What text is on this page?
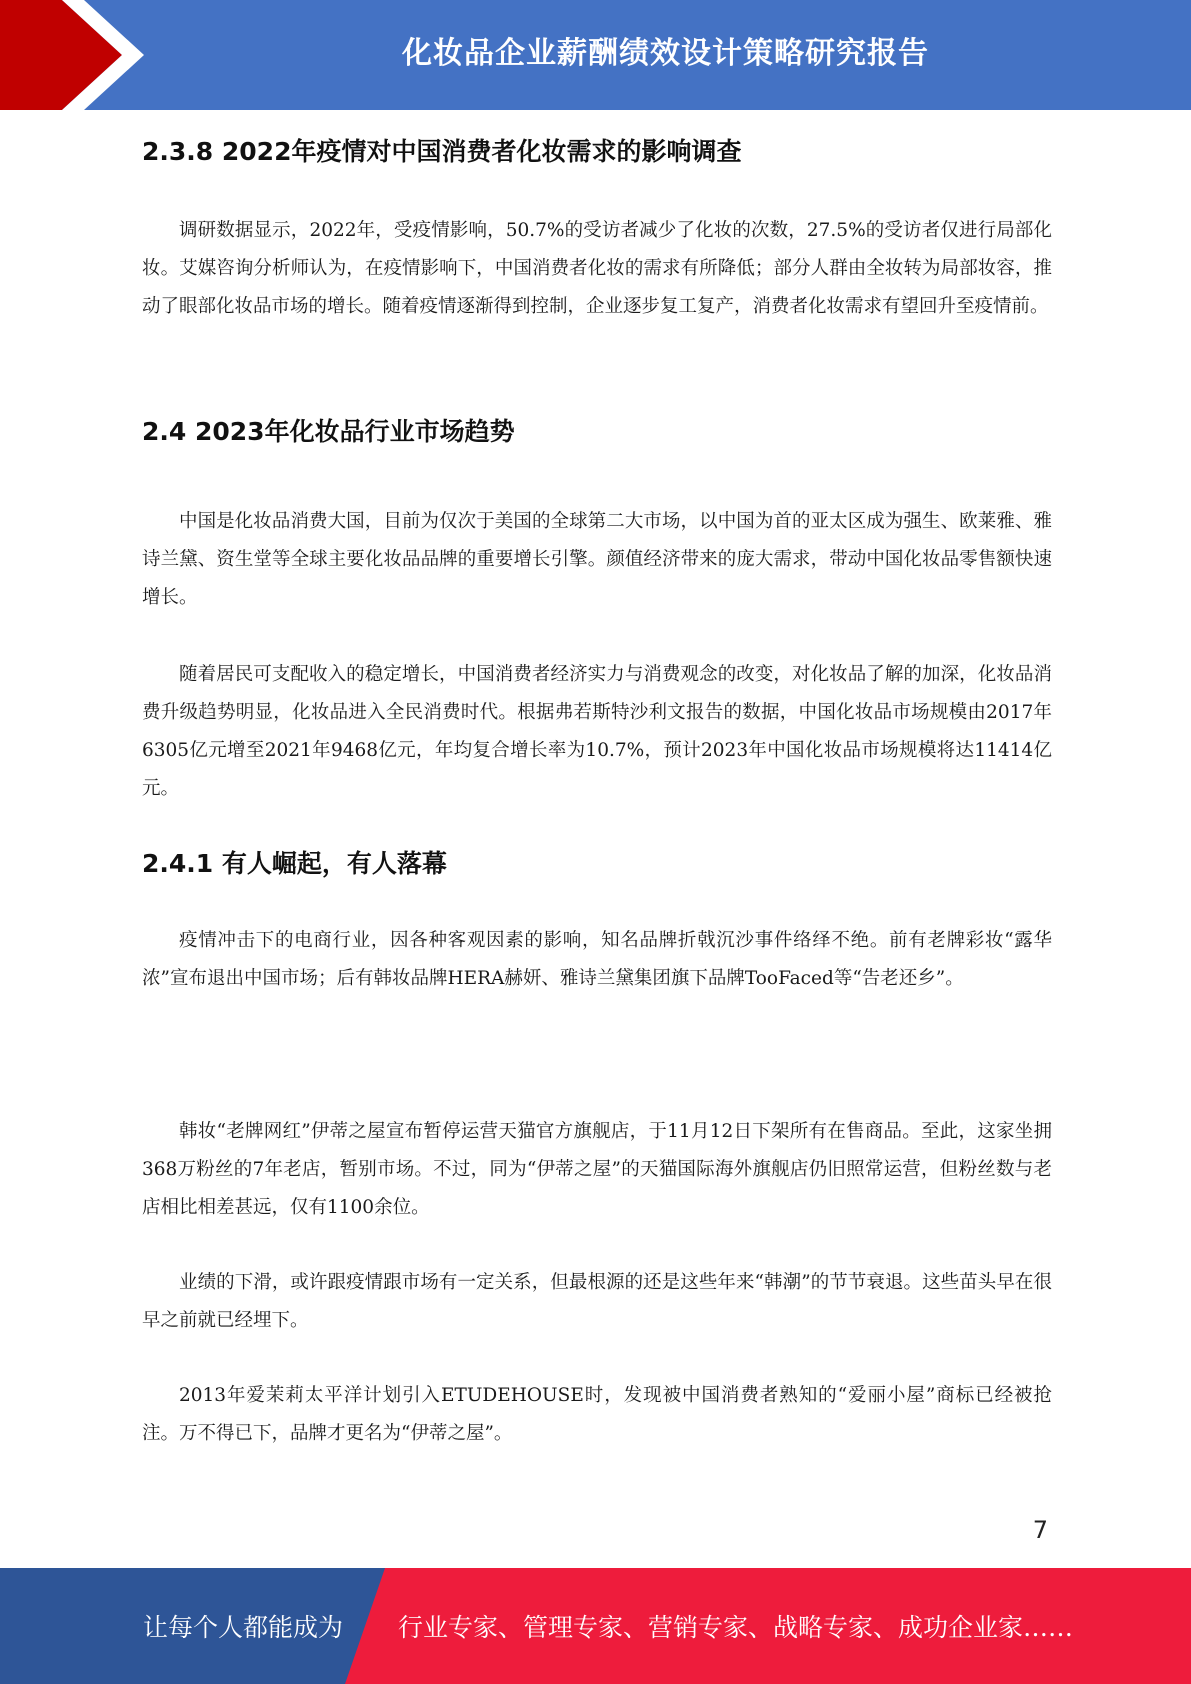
化妆品企业薪酬绩效设计策略研究报告
2.3.8 2022年疫情对中国消费者化妆需求的影响调查

调研数据显示，2022年，受疫情影响，50.7%的受访者减少了化妆的次数，27.5%的受访者仅进行局部化妆。艾媒咨询分析师认为，在疫情影响下，中国消费者化妆的需求有所降低；部分人群由全妆转为局部妆容，推动了眼部化妆品市场的增长。随着疫情逐渐得到控制，企业逐步复工复产，消费者化妆需求有望回升至疫情前。

2.4 2023年化妆品行业市场趋势

中国是化妆品消费大国，目前为仅次于美国的全球第二大市场，以中国为首的亚太区成为强生、欧莱雅、雅诗兰黛、资生堂等全球主要化妆品品牌的重要增长引擎。颜值经济带来的庞大需求，带动中国化妆品零售额快速增长。

随着居民可支配收入的稳定增长，中国消费者经济实力与消费观念的改变，对化妆品了解的加深，化妆品消费升级趋势明显，化妆品进入全民消费时代。根据弗若斯特沙利文报告的数据，中国化妆品市场规模由2017年6305亿元增至2021年9468亿元，年均复合增长率为10.7%，预计2023年中国化妆品市场规模将达11414亿元。

2.4.1 有人崛起，有人落幕

疫情冲击下的电商行业，因各种客观因素的影响，知名品牌折戟沉沙事件络绎不绝。前有老牌彩妆“露华浓”宣布退出中国市场；后有韩妆品牌HERA赫妍、雅诗兰黛集团旗下品牌TooFaced等“告老还乡”。

韩妆“老牌网红”伊蒂之屋宣布暂停运营天猫官方旗舰店，于11月12日下架所有在售商品。至此，这家坐拥368万粉丝的7年老店，暂别市场。不过，同为“伊蒂之屋”的天猫国际海外旗舰店仍旧照常运营，但粉丝数与老店相比相差甚远，仅有1100余位。

业绩的下滑，或许跟疫情跟市场有一定关系，但最根源的还是这些年来“韩潮”的节节衰退。这些苗头早在很早之前就已经埋下。

2013年爱茉莉太平洋计划引入ETUDEHOUSE时，发现被中国消费者熟知的“爱丽小屋”商标已经被抢注。万不得已下，品牌才更名为“伊蒂之屋”。

7
让每个人都能成为 行业专家、管理专家、营销专家、战略专家、成功企业家……
